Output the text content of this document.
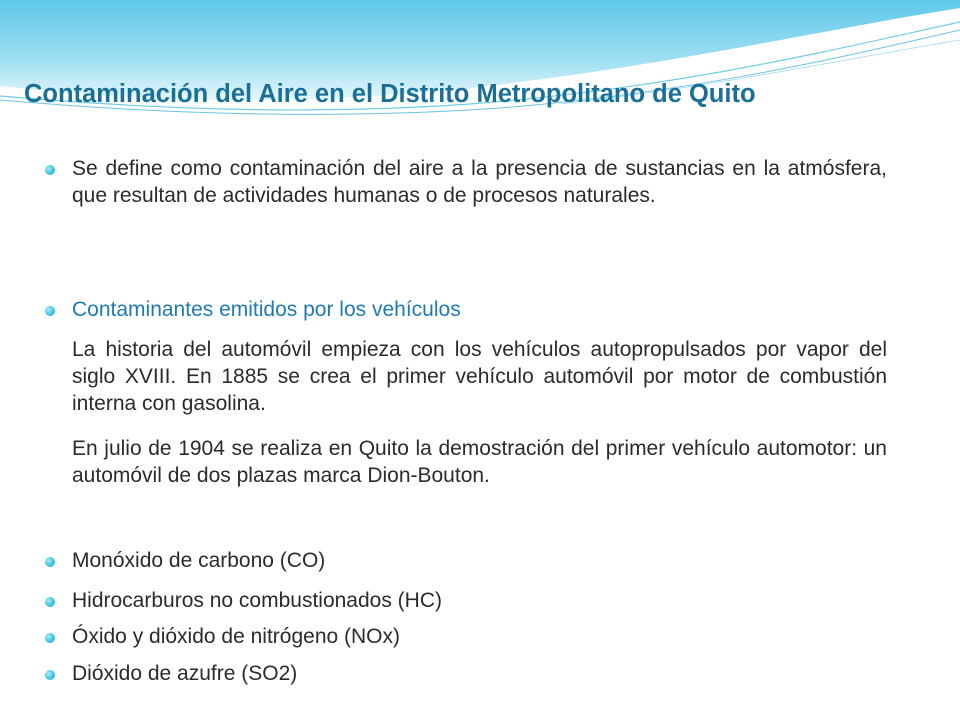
Contaminación del Aire en el Distrito Metropolitano de Quito
Se define como contaminación del aire a la presencia de sustancias en la atmósfera, que resultan de actividades humanas o de procesos naturales.
Contaminantes emitidos por los vehículos
La historia del automóvil empieza con los vehículos autopropulsados por vapor del siglo XVIII. En 1885 se crea el primer vehículo automóvil por motor de combustión interna con gasolina.
En julio de 1904 se realiza en Quito la demostración del primer vehículo automotor: un automóvil de dos plazas marca Dion-Bouton.
Monóxido de carbono (CO)
Hidrocarburos no combustionados (HC)
Óxido y dióxido de nitrógeno (NOx)
Dióxido de azufre (SO2)
